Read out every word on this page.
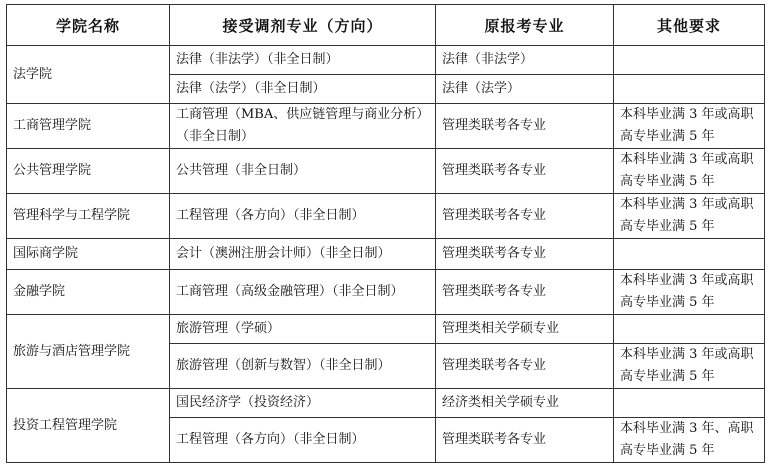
学院名称	接受调剂专业（方向）	原报考专业	其他要求
法学院	法律（非法学）（非全日制）	法律（非法学）	
	法律（法学）（非全日制）	法律（法学）	
工商管理学院	工商管理（MBA、供应链管理与商业分析）（非全日制）	管理类联考各专业	本科毕业满 3 年或高职高专毕业满 5 年
公共管理学院	公共管理（非全日制）	管理类联考各专业	本科毕业满 3 年或高职高专毕业满 5 年
管理科学与工程学院	工程管理（各方向）（非全日制）	管理类联考各专业	本科毕业满 3 年或高职高专毕业满 5 年
国际商学院	会计（澳洲注册会计师）（非全日制）	管理类联考各专业	
金融学院	工商管理（高级金融管理）（非全日制）	管理类联考各专业	本科毕业满 3 年或高职高专毕业满 5 年
旅游与酒店管理学院	旅游管理（学硕）	管理类相关学硕专业	
	旅游管理（创新与数智）（非全日制）	管理类联考各专业	本科毕业满 3 年或高职高专毕业满 5 年
投资工程管理学院	国民经济学（投资经济）	经济类相关学硕专业	
	工程管理（各方向）（非全日制）	管理类联考各专业	本科毕业满 3 年、高职高专毕业满 5 年
